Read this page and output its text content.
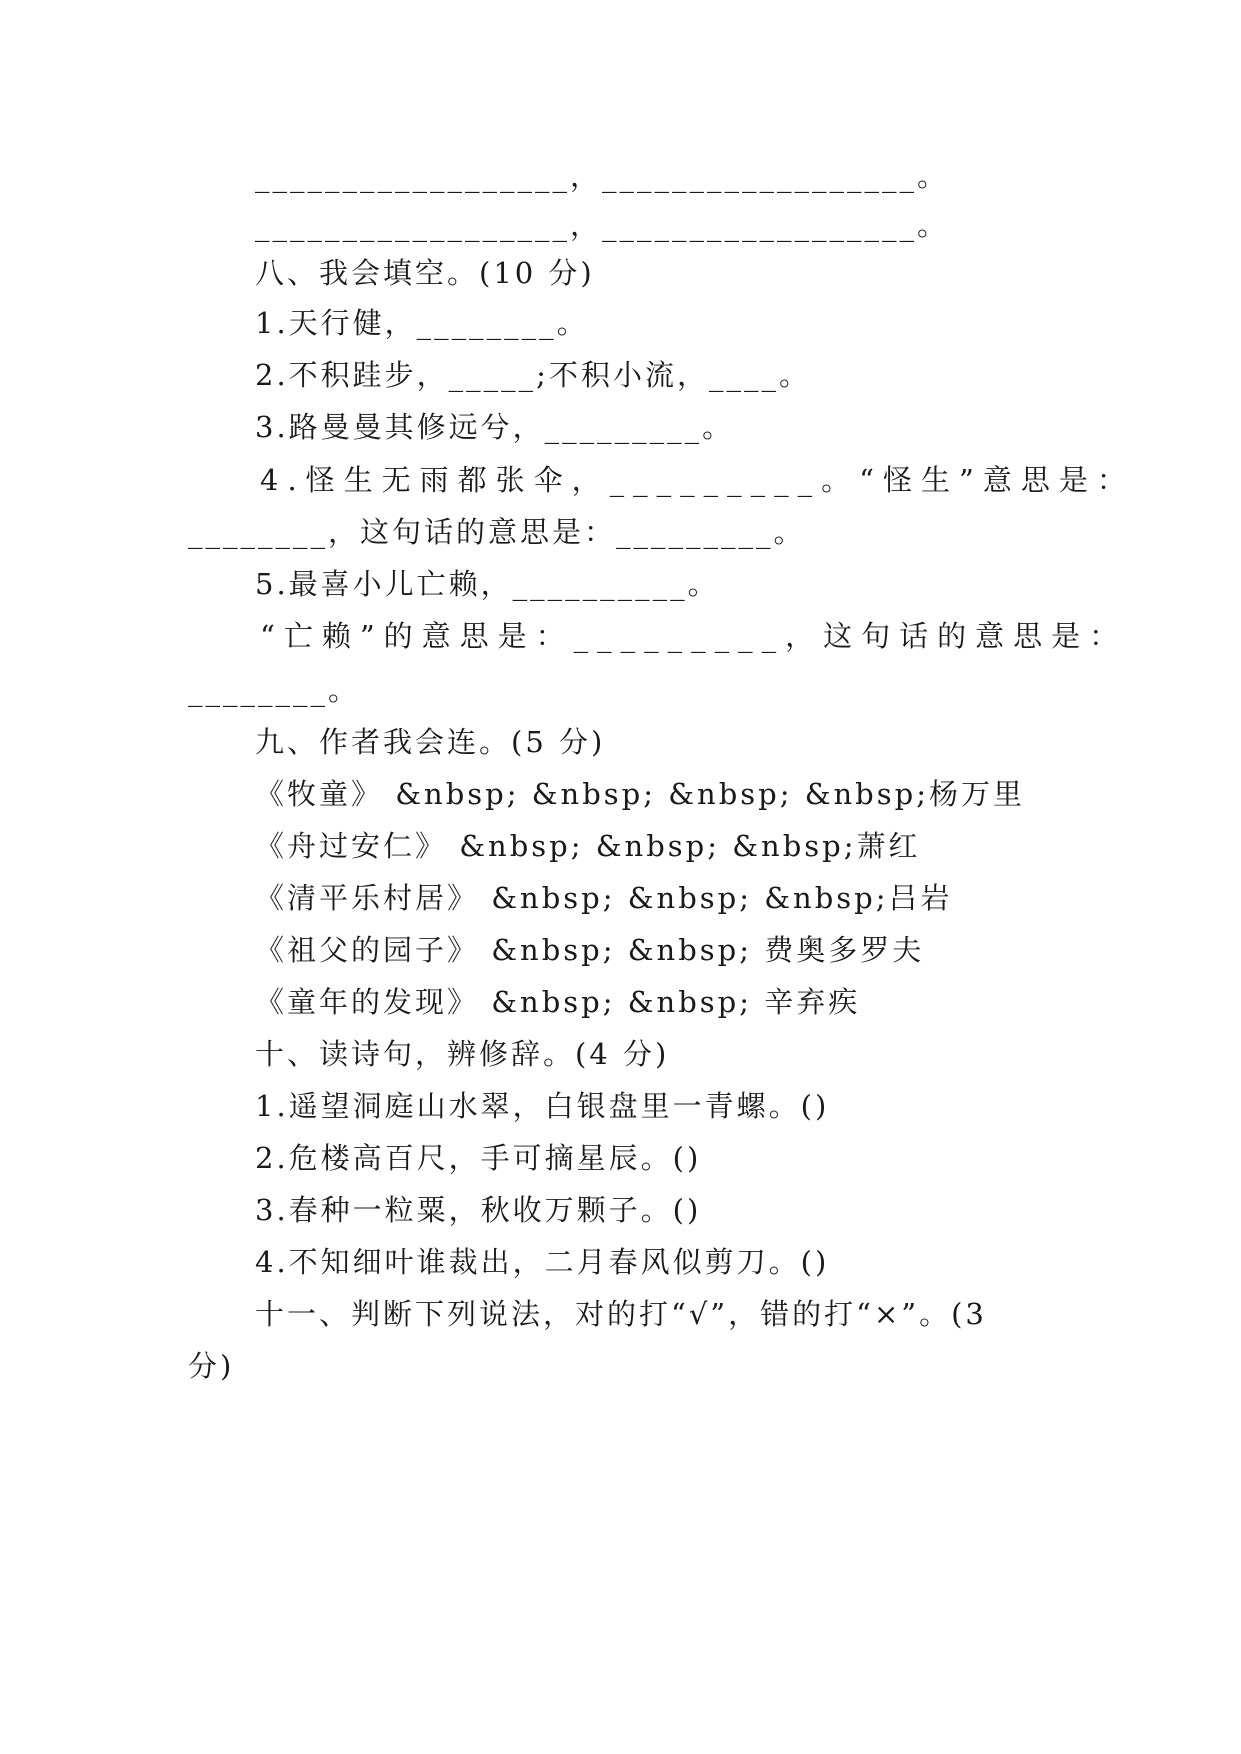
__________________，__________________。
__________________，__________________。
八、我会填空。(10 分)
1.天行健，________。
2.不积跬步，_____;不积小流，____。
3.路曼曼其修远兮，_________。
4.怪生无雨都张伞，_________。“怪生”意思是：
________，这句话的意思是：_________。
5.最喜小儿亡赖，__________。
“亡赖”的意思是：_________，这句话的意思是：
________。
九、作者我会连。(5 分)
《牧童》 &nbsp; &nbsp; &nbsp; &nbsp;杨万里
《舟过安仁》 &nbsp; &nbsp; &nbsp;萧红
《清平乐村居》 &nbsp; &nbsp; &nbsp;吕岩
《祖父的园子》 &nbsp; &nbsp; 费奥多罗夫
《童年的发现》 &nbsp; &nbsp; 辛弃疾
十、读诗句，辨修辞。(4 分)
1.遥望洞庭山水翠，白银盘里一青螺。()
2.危楼高百尺，手可摘星辰。()
3.春种一粒粟，秋收万颗子。()
4.不知细叶谁裁出，二月春风似剪刀。()
十一、判断下列说法，对的打“√”，错的打“×”。(3
分)
